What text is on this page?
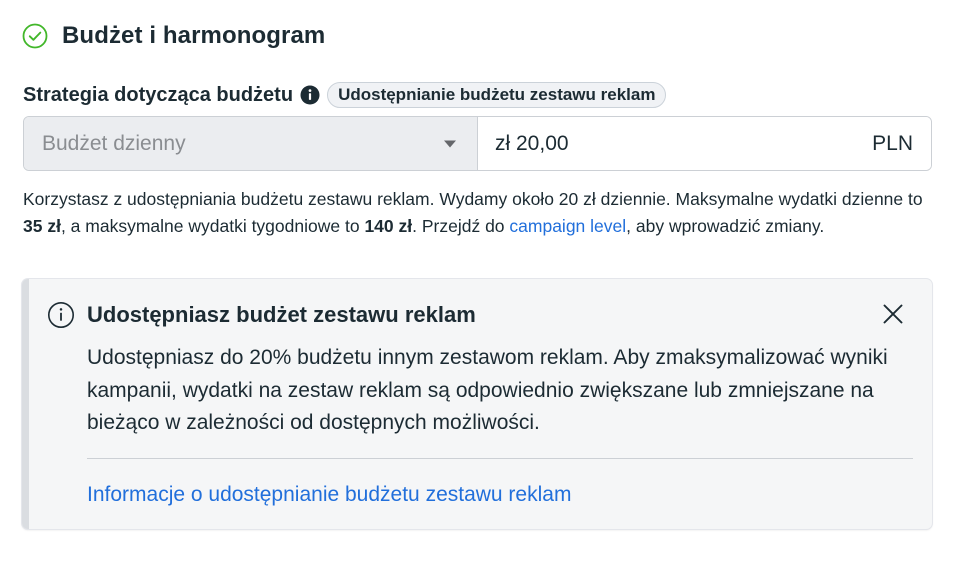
Budżet i harmonogram
Strategia dotycząca budżetu	Udostępnianie budżetu zestawu reklam
Budżet dzienny
zł 20,00	PLN
Korzystasz z udostępniania budżetu zestawu reklam. Wydamy około 20 zł dziennie. Maksymalne wydatki dzienne to 35 zł, a maksymalne wydatki tygodniowe to 140 zł. Przejdź do campaign level, aby wprowadzić zmiany.
Udostępniasz budżet zestawu reklam
Udostępniasz do 20% budżetu innym zestawom reklam. Aby zmaksymalizować wyniki kampanii, wydatki na zestaw reklam są odpowiednio zwiększane lub zmniejszane na bieżąco w zależności od dostępnych możliwości.
Informacje o udostępnianie budżetu zestawu reklam
